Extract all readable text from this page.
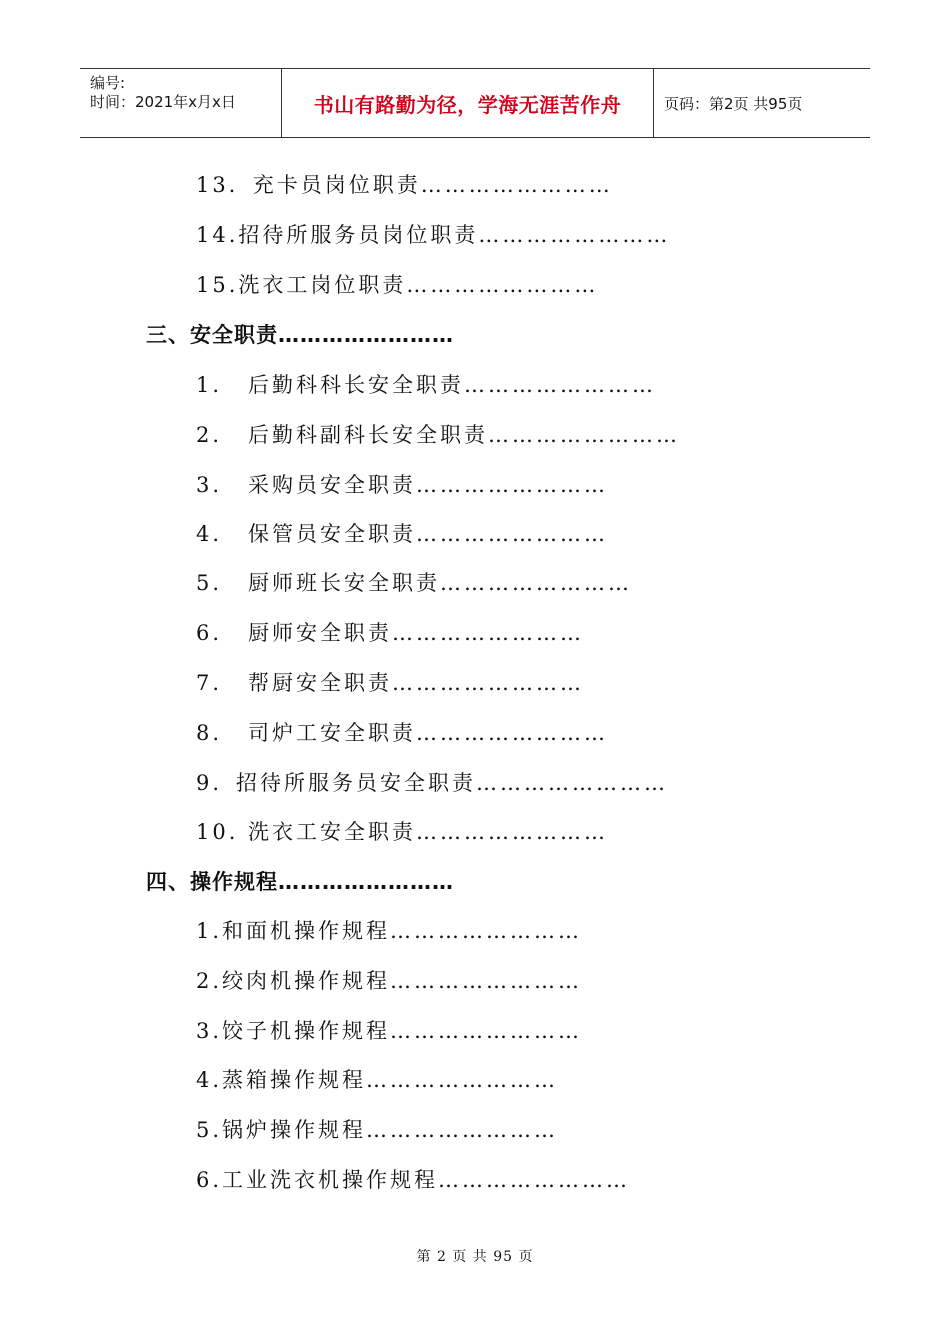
编号:
时间：2021年x月x日	书山有路勤为径，学海无涯苦作舟	页码：第2页 共95页
13．充卡员岗位职责……………………
14.招待所服务员岗位职责……………………
15.洗衣工岗位职责……………………
三、安全职责……………………
1. 后勤科科长安全职责……………………
2. 后勤科副科长安全职责……………………
3. 采购员安全职责……………………
4. 保管员安全职责……………………
5. 厨师班长安全职责……………………
6. 厨师安全职责……………………
7. 帮厨安全职责……………………
8. 司炉工安全职责……………………
9. 招待所服务员安全职责……………………
10. 洗衣工安全职责……………………
四、操作规程……………………
1.和面机操作规程……………………
2.绞肉机操作规程……………………
3.饺子机操作规程……………………
4.蒸箱操作规程……………………
5.锅炉操作规程……………………
6.工业洗衣机操作规程……………………
第 2 页 共 95 页
